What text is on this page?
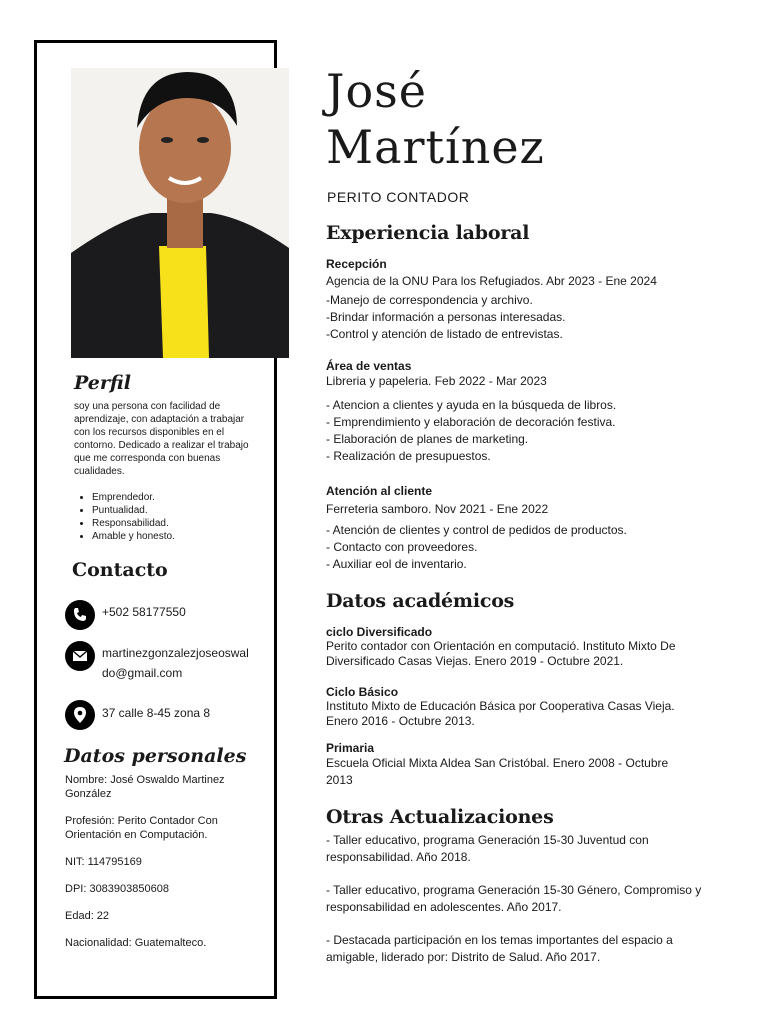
Perfil
soy una persona con facilidad de aprendizaje, con adaptación a trabajar con los recursos disponibles en el contorno. Dedicado a realizar el trabajo que me corresponda con buenas cualidades.
• Emprendedor.
• Puntualidad.
• Responsabilidad.
• Amable y honesto.
Contacto
+502 58177550
martinezgonzalezjoseoswal
do@gmail.com
37 calle 8-45 zona 8
Datos personales
Nombre: José Oswaldo Martinez
González
Profesión: Perito Contador Con
Orientación en Computación.
NIT: 114795169
DPI: 3083903850608
Edad: 22
Nacionalidad: Guatemalteco.
José
Martínez
PERITO CONTADOR
Experiencia laboral
Recepción
Agencia de la ONU Para los Refugiados. Abr 2023 - Ene 2024
-Manejo de correspondencia y archivo.
-Brindar información a personas interesadas.
-Control y atención de listado de entrevistas.
Área de ventas
Libreria y papeleria. Feb 2022 - Mar 2023
- Atencion a clientes y ayuda en la búsqueda de libros.
- Emprendimiento y elaboración de decoración festiva.
- Elaboración de planes de marketing.
- Realización de presupuestos.
Atención al cliente
Ferreteria samboro. Nov 2021 - Ene 2022
- Atención de clientes y control de pedidos de productos.
- Contacto con proveedores.
- Auxiliar eol de inventario.
Datos académicos
ciclo Diversificado
Perito contador con Orientación en computació. Instituto Mixto De
Diversificado Casas Viejas. Enero 2019 - Octubre 2021.
Ciclo Básico
Instituto Mixto de Educación Básica por Cooperativa Casas Vieja.
Enero 2016 - Octubre 2013.
Primaria
Escuela Oficial Mixta Aldea San Cristóbal. Enero 2008 - Octubre
2013
Otras Actualizaciones
- Taller educativo, programa Generación 15-30 Juventud con
responsabilidad. Año 2018.
- Taller educativo, programa Generación 15-30 Género, Compromiso y
responsabilidad en adolescentes. Año 2017.
- Destacada participación en los temas importantes del espacio a
amigable, liderado por: Distrito de Salud. Año 2017.
